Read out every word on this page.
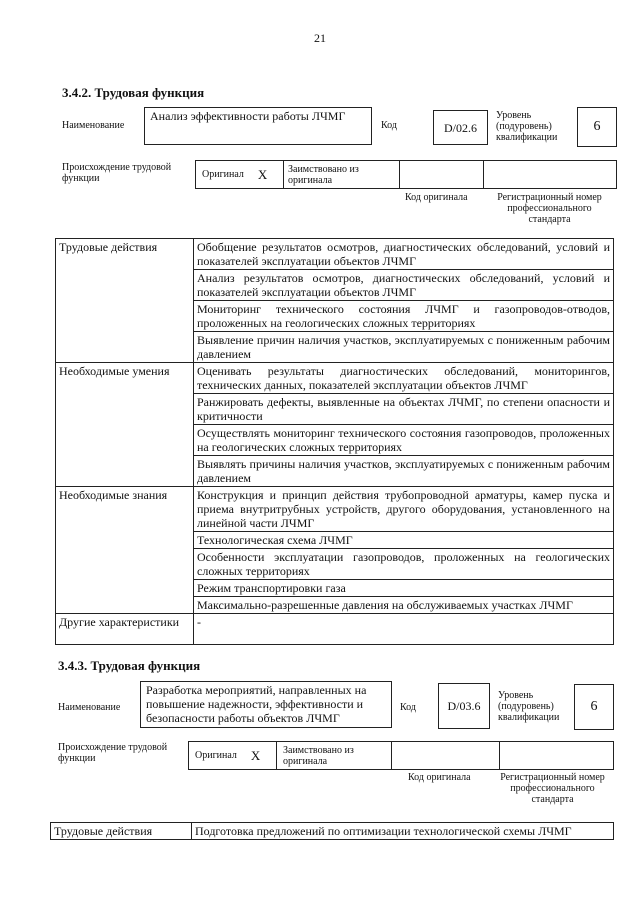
21
3.4.2. Трудовая функция
Наименование
Анализ эффективности работы ЛЧМГ
Код	D/02.6
Уровень (подуровень) квалификации
6
Происхождение трудовой функции	Оригинал X Заимствовано из оригинала
Код оригинала	Регистрационный номер профессионального стандарта
Трудовые действия	Обобщение результатов осмотров, диагностических обследований, условий и показателей эксплуатации объектов ЛЧМГ
	Анализ результатов осмотров, диагностических обследований, условий и показателей эксплуатации объектов ЛЧМГ
	Мониторинг технического состояния ЛЧМГ и газопроводов-отводов, проложенных на геологических сложных территориях
	Выявление причин наличия участков, эксплуатируемых с пониженным рабочим давлением
Необходимые умения	Оценивать результаты диагностических обследований, мониторингов, технических данных, показателей эксплуатации объектов ЛЧМГ
	Ранжировать дефекты, выявленные на объектах ЛЧМГ, по степени опасности и критичности
	Осуществлять мониторинг технического состояния газопроводов, проложенных на геологических сложных территориях
	Выявлять причины наличия участков, эксплуатируемых с пониженным рабочим давлением
Необходимые знания	Конструкция и принцип действия трубопроводной арматуры, камер пуска и приема внутритрубных устройств, другого оборудования, установленного на линейной части ЛЧМГ
	Технологическая схема ЛЧМГ
	Особенности эксплуатации газопроводов, проложенных на геологических сложных территориях
	Режим транспортировки газа
	Максимально-разрешенные давления на обслуживаемых участках ЛЧМГ
Другие характеристики	-
3.4.3. Трудовая функция
Наименование
Разработка мероприятий, направленных на повышение надежности, эффективности и безопасности работы объектов ЛЧМГ
Код	D/03.6
Уровень (подуровень) квалификации
6
Происхождение трудовой функции	Оригинал X Заимствовано из оригинала
Код оригинала	Регистрационный номер профессионального стандарта
Трудовые действия	Подготовка предложений по оптимизации технологической схемы ЛЧМГ
